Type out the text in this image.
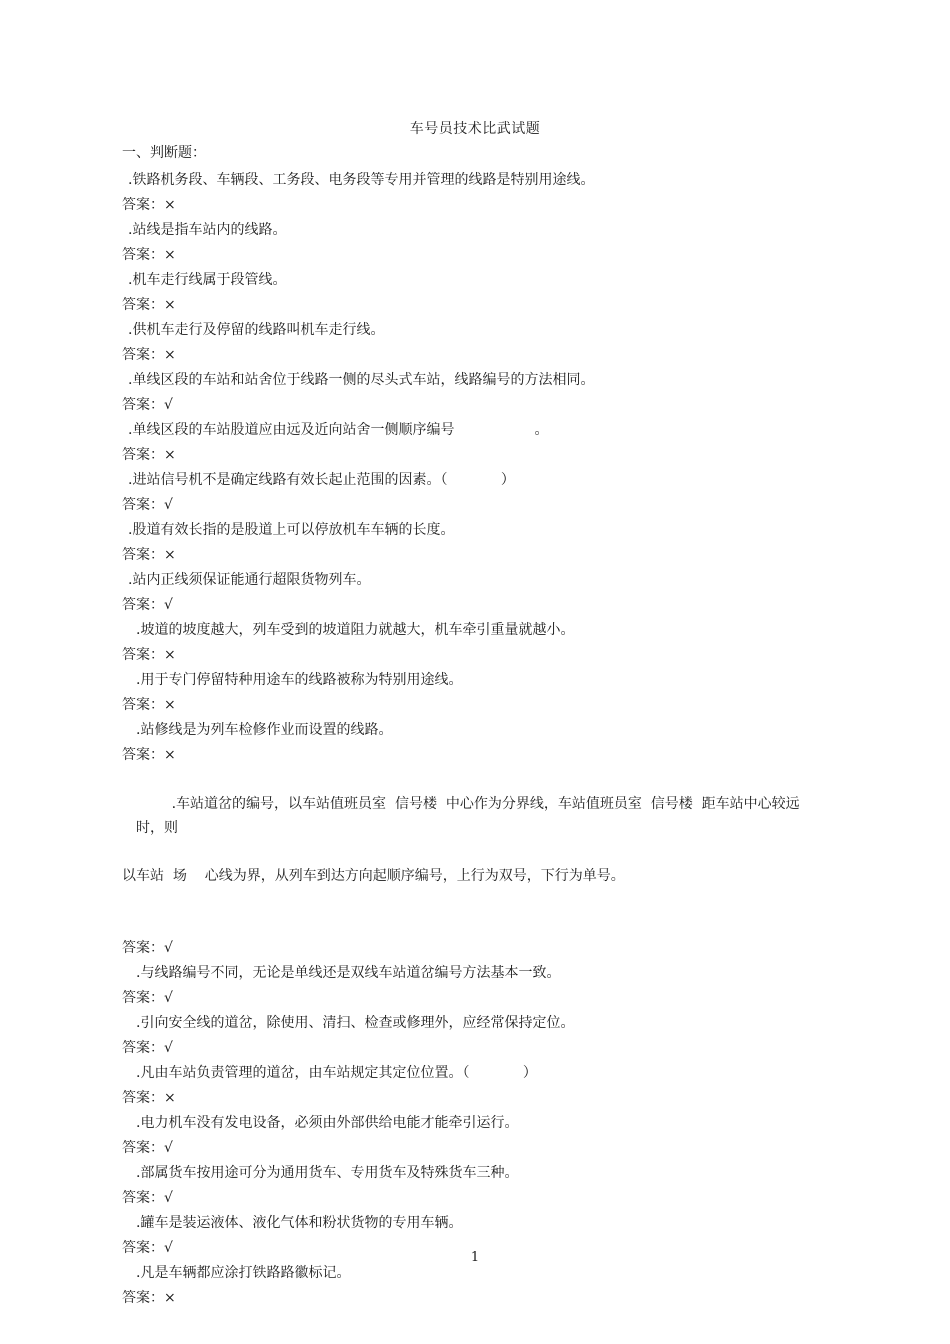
车号员技术比武试题
一、判断题：
.铁路机务段、车辆段、工务段、电务段等专用并管理的线路是特别用途线。
答案：×
.站线是指车站内的线路。
答案：×
.机车走行线属于段管线。
答案：×
.供机车走行及停留的线路叫机车走行线。
答案：×
.单线区段的车站和站舍位于线路一侧的尽头式车站，线路编号的方法相同。
答案：√
.单线区段的车站股道应由远及近向站舍一侧顺序编号                  。
答案：×
.进站信号机不是确定线路有效长起止范围的因素。（            ）
答案：√
.股道有效长指的是股道上可以停放机车车辆的长度。
答案：×
.站内正线须保证能通行超限货物列车。
答案：√
.坡道的坡度越大，列车受到的坡道阻力就越大，机车牵引重量就越小。
答案：×
.用于专门停留特种用途车的线路被称为特别用途线。
答案：×
.站修线是为列车检修作业而设置的线路。
答案：×

.车站道岔的编号，以车站值班员室  信号楼  中心作为分界线，车站值班员室  信号楼  距车站中心较远时，则

以车站  场    心线为界，从列车到达方向起顺序编号，上行为双号，下行为单号。

答案：√
.与线路编号不同，无论是单线还是双线车站道岔编号方法基本一致。
答案：√
.引向安全线的道岔，除使用、清扫、检查或修理外，应经常保持定位。
答案：√
.凡由车站负责管理的道岔，由车站规定其定位位置。（            ）
答案：×
.电力机车没有发电设备，必须由外部供给电能才能牵引运行。
答案：√
.部属货车按用途可分为通用货车、专用货车及特殊货车三种。
答案：√
.罐车是装运液体、液化气体和粉状货物的专用车辆。
答案：√
.凡是车辆都应涂打铁路路徽标记。
答案：×
1
